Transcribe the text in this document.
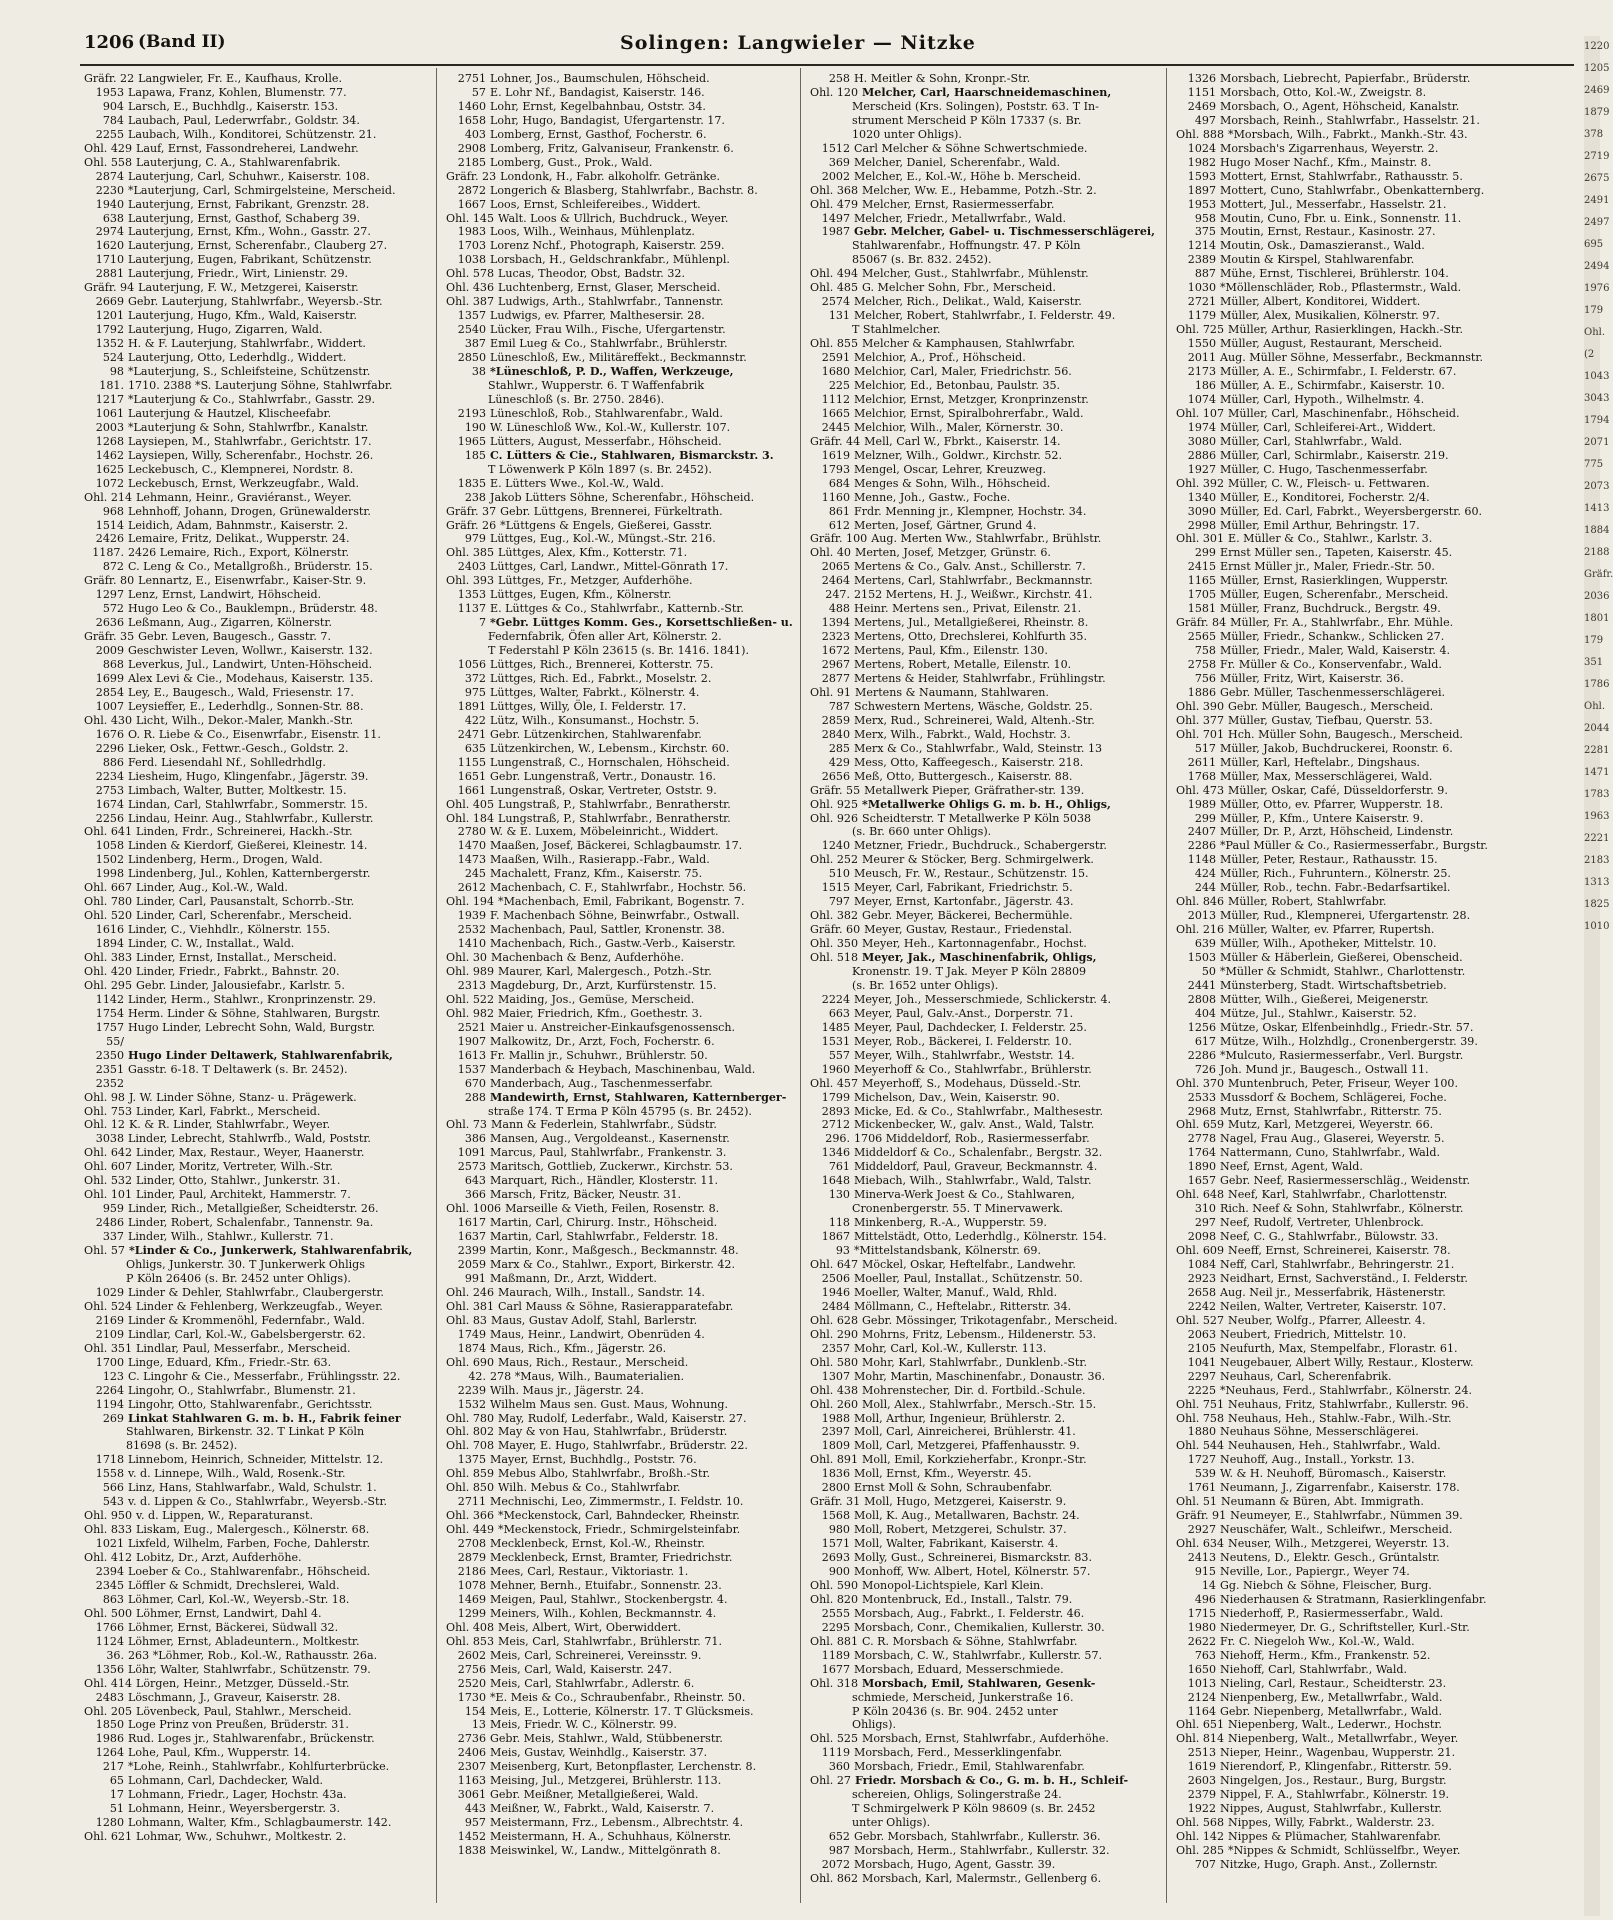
1206 (Band II)	Solingen: Langwieler — Nitzke
Gräfr. 22 Langwieler, Fr. E., Kaufhaus, Krolle.
1953 Lapawa, Franz, Kohlen, Blumenstr. 77.
904 Larsch, E., Buchhdlg., Kaiserstr. 153.
784 Laubach, Paul, Lederwrfabr., Goldstr. 34.
2255 Laubach, Wilh., Konditorei, Schützenstr. 21.
Ohl. 429 Lauf, Ernst, Fassondreherei, Landwehr.
Ohl. 558 Lauterjung, C. A., Stahlwarenfabrik.
2874 Lauterjung, Carl, Schuhwr., Kaiserstr. 108.
2230 *Lauterjung, Carl, Schmirgelsteine, Merscheid.
1940 Lauterjung, Ernst, Fabrikant, Grenzstr. 28.
638 Lauterjung, Ernst, Gasthof, Schaberg 39.
2974 Lauterjung, Ernst, Kfm., Wohn., Gasstr. 27.
1620 Lauterjung, Ernst, Scherenfabr., Clauberg 27.
1710 Lauterjung, Eugen, Fabrikant, Schützenstr.
2881 Lauterjung, Friedr., Wirt, Linienstr. 29.
Gräfr. 94 Lauterjung, F. W., Metzgerei, Kaiserstr.
2669 Gebr. Lauterjung, Stahlwrfabr., Weyersb.-Str.
1201 Lauterjung, Hugo, Kfm., Wald, Kaiserstr.
1792 Lauterjung, Hugo, Zigarren, Wald.
1352 H. & F. Lauterjung, Stahlwrfabr., Widdert.
524 Lauterjung, Otto, Lederhdlg., Widdert.
98 *Lauterjung, S., Schleifsteine, Schützenstr.
181. 1710. 2388 *S. Lauterjung Söhne, Stahlwrfabr.
1217 *Lauterjung & Co., Stahlwrfabr., Gasstr. 29.
1061 Lauterjung & Hautzel, Klischeefabr.
2003 *Lauterjung & Sohn, Stahlwrfbr., Kanalstr.
1268 Laysiepen, M., Stahlwrfabr., Gerichtstr. 17.
1462 Laysiepen, Willy, Scherenfabr., Hochstr. 26.
1625 Leckebusch, C., Klempnerei, Nordstr. 8.
1072 Leckebusch, Ernst, Werkzeugfabr., Wald.
Ohl. 214 Lehmann, Heinr., Graviéranst., Weyer.
968 Lehnhoff, Johann, Drogen, Grünewalderstr.
1514 Leidich, Adam, Bahnmstr., Kaiserstr. 2.
2426 Lemaire, Fritz, Delikat., Wupperstr. 24.
1187. 2426 Lemaire, Rich., Export, Kölnerstr.
872 C. Leng & Co., Metallgroßh., Brüderstr. 15.
Gräfr. 80 Lennartz, E., Eisenwrfabr., Kaiser-Str. 9.
1297 Lenz, Ernst, Landwirt, Höhscheid.
572 Hugo Leo & Co., Bauklempn., Brüderstr. 48.
2636 Leßmann, Aug., Zigarren, Kölnerstr.
Gräfr. 35 Gebr. Leven, Baugesch., Gasstr. 7.
2009 Geschwister Leven, Wollwr., Kaiserstr. 132.
868 Leverkus, Jul., Landwirt, Unten-Höhscheid.
1699 Alex Levi & Cie., Modehaus, Kaiserstr. 135.
2854 Ley, E., Baugesch., Wald, Friesenstr. 17.
1007 Leysieffer, E., Lederhdlg., Sonnen-Str. 88.
Ohl. 430 Licht, Wilh., Dekor.-Maler, Mankh.-Str.
1676 O. R. Liebe & Co., Eisenwrfabr., Eisenstr. 11.
2296 Lieker, Osk., Fettwr.-Gesch., Goldstr. 2.
886 Ferd. Liesendahl Nf., Sohlledrhdlg.
2234 Liesheim, Hugo, Klingenfabr., Jägerstr. 39.
2753 Limbach, Walter, Butter, Moltkestr. 15.
1674 Lindan, Carl, Stahlwrfabr., Sommerstr. 15.
2256 Lindau, Heinr. Aug., Stahlwrfabr., Kullerstr.
Ohl. 641 Linden, Frdr., Schreinerei, Hackh.-Str.
1058 Linden & Kierdorf, Gießerei, Kleinestr. 14.
1502 Lindenberg, Herm., Drogen, Wald.
1998 Lindenberg, Jul., Kohlen, Katternbergerstr.
Ohl. 667 Linder, Aug., Kol.-W., Wald.
Ohl. 780 Linder, Carl, Pausanstalt, Schorrb.-Str.
Ohl. 520 Linder, Carl, Scherenfabr., Merscheid.
1616 Linder, C., Viehhdlr., Kölnerstr. 155.
1894 Linder, C. W., Installat., Wald.
Ohl. 383 Linder, Ernst, Installat., Merscheid.
Ohl. 420 Linder, Friedr., Fabrkt., Bahnstr. 20.
Ohl. 295 Gebr. Linder, Jalousiefabr., Karlstr. 5.
1142 Linder, Herm., Stahlwr., Kronprinzenstr. 29.
1754 Herm. Linder & Söhne, Stahlwaren, Burgstr.
1757 Hugo Linder, Lebrecht Sohn, Wald, Burgstr.
55/
2350 Hugo Linder Deltawerk, Stahlwarenfabrik,
2351 Gasstr. 6-18. T Deltawerk (s. Br. 2452).
2352
Ohl. 98 J. W. Linder Söhne, Stanz- u. Prägewerk.
Ohl. 753 Linder, Karl, Fabrkt., Merscheid.
Ohl. 12 K. & R. Linder, Stahlwrfabr., Weyer.
3038 Linder, Lebrecht, Stahlwrfb., Wald, Poststr.
Ohl. 642 Linder, Max, Restaur., Weyer, Haanerstr.
Ohl. 607 Linder, Moritz, Vertreter, Wilh.-Str.
Ohl. 532 Linder, Otto, Stahlwr., Junkerstr. 31.
Ohl. 101 Linder, Paul, Architekt, Hammerstr. 7.
959 Linder, Rich., Metallgießer, Scheidterstr. 26.
2486 Linder, Robert, Schalenfabr., Tannenstr. 9a.
337 Linder, Wilh., Stahlwr., Kullerstr. 71.
Ohl. 57 *Linder & Co., Junkerwerk, Stahlwarenfabrik,
Ohligs, Junkerstr. 30. T Junkerwerk Ohligs
P Köln 26406 (s. Br. 2452 unter Ohligs).
1029 Linder & Dehler, Stahlwrfabr., Claubergerstr.
Ohl. 524 Linder & Fehlenberg, Werkzeugfab., Weyer.
2169 Linder & Krommenöhl, Federnfabr., Wald.
2109 Lindlar, Carl, Kol.-W., Gabelsbergerstr. 62.
Ohl. 351 Lindlar, Paul, Messerfabr., Merscheid.
1700 Linge, Eduard, Kfm., Friedr.-Str. 63.
123 C. Lingohr & Cie., Messerfabr., Frühlingsstr. 22.
2264 Lingohr, O., Stahlwrfabr., Blumenstr. 21.
1194 Lingohr, Otto, Stahlwarenfabr., Gerichtsstr.
269 Linkat Stahlwaren G. m. b. H., Fabrik feiner
Stahlwaren, Birkenstr. 32. T Linkat P Köln
81698 (s. Br. 2452).
1718 Linnebom, Heinrich, Schneider, Mittelstr. 12.
1558 v. d. Linnepe, Wilh., Wald, Rosenk.-Str.
566 Linz, Hans, Stahlwarfabr., Wald, Schulstr. 1.
543 v. d. Lippen & Co., Stahlwrfabr., Weyersb.-Str.
Ohl. 950 v. d. Lippen, W., Reparaturanst.
Ohl. 833 Liskam, Eug., Malergesch., Kölnerstr. 68.
1021 Lixfeld, Wilhelm, Farben, Foche, Dahlerstr.
Ohl. 412 Lobitz, Dr., Arzt, Aufderhöhe.
2394 Loeber & Co., Stahlwarenfabr., Höhscheid.
2345 Löffler & Schmidt, Drechslerei, Wald.
863 Löhmer, Carl, Kol.-W., Weyersb.-Str. 18.
Ohl. 500 Löhmer, Ernst, Landwirt, Dahl 4.
1766 Löhmer, Ernst, Bäckerei, Südwall 32.
1124 Löhmer, Ernst, Abladeuntern., Moltkestr.
36. 263 *Löhmer, Rob., Kol.-W., Rathausstr. 26a.
1356 Löhr, Walter, Stahlwrfabr., Schützenstr. 79.
Ohl. 414 Lörgen, Heinr., Metzger, Düsseld.-Str.
2483 Löschmann, J., Graveur, Kaiserstr. 28.
Ohl. 205 Lövenbeck, Paul, Stahlwr., Merscheid.
1850 Loge Prinz von Preußen, Brüderstr. 31.
1986 Rud. Loges jr., Stahlwarenfabr., Brückenstr.
1264 Lohe, Paul, Kfm., Wupperstr. 14.
217 *Lohe, Reinh., Stahlwrfabr., Kohlfurterbrücke.
65 Lohmann, Carl, Dachdecker, Wald.
17 Lohmann, Friedr., Lager, Hochstr. 43a.
51 Lohmann, Heinr., Weyersbergerstr. 3.
1280 Lohmann, Walter, Kfm., Schlagbaumerstr. 142.
Ohl. 621 Lohmar, Ww., Schuhwr., Moltkestr. 2.
2751 Lohner, Jos., Baumschulen, Höhscheid.
57 E. Lohr Nf., Bandagist, Kaiserstr. 146.
1460 Lohr, Ernst, Kegelbahnbau, Oststr. 34.
1658 Lohr, Hugo, Bandagist, Ufergartenstr. 17.
403 Lomberg, Ernst, Gasthof, Focherstr. 6.
2908 Lomberg, Fritz, Galvaniseur, Frankenstr. 6.
2185 Lomberg, Gust., Prok., Wald.
Gräfr. 23 Londonk, H., Fabr. alkoholfr. Getränke.
2872 Longerich & Blasberg, Stahlwrfabr., Bachstr. 8.
1667 Loos, Ernst, Schleifereibes., Widdert.
Ohl. 145 Walt. Loos & Ullrich, Buchdruck., Weyer.
1983 Loos, Wilh., Weinhaus, Mühlenplatz.
1703 Lorenz Nchf., Photograph, Kaiserstr. 259.
1038 Lorsbach, H., Geldschrankfabr., Mühlenpl.
Ohl. 578 Lucas, Theodor, Obst, Badstr. 32.
Ohl. 436 Luchtenberg, Ernst, Glaser, Merscheid.
Ohl. 387 Ludwigs, Arth., Stahlwrfabr., Tannenstr.
1357 Ludwigs, ev. Pfarrer, Malthesersir. 28.
2540 Lücker, Frau Wilh., Fische, Ufergartenstr.
387 Emil Lueg & Co., Stahlwrfabr., Brühlerstr.
2850 Lüneschloß, Ew., Militäreffekt., Beckmannstr.
38 *Lüneschloß, P. D., Waffen, Werkzeuge,
Stahlwr., Wupperstr. 6. T Waffenfabrik
Lüneschloß (s. Br. 2750. 2846).
2193 Lüneschloß, Rob., Stahlwarenfabr., Wald.
190 W. Lüneschloß Ww., Kol.-W., Kullerstr. 107.
1965 Lütters, August, Messerfabr., Höhscheid.
185 C. Lütters & Cie., Stahlwaren, Bismarckstr. 3.
T Löwenwerk P Köln 1897 (s. Br. 2452).
1835 E. Lütters Wwe., Kol.-W., Wald.
238 Jakob Lütters Söhne, Scherenfabr., Höhscheid.
Gräfr. 37 Gebr. Lüttgens, Brennerei, Fürkeltrath.
Gräfr. 26 *Lüttgens & Engels, Gießerei, Gasstr.
979 Lüttges, Eug., Kol.-W., Müngst.-Str. 216.
Ohl. 385 Lüttges, Alex, Kfm., Kotterstr. 71.
2403 Lüttges, Carl, Landwr., Mittel-Gönrath 17.
Ohl. 393 Lüttges, Fr., Metzger, Aufderhöhe.
1353 Lüttges, Eugen, Kfm., Kölnerstr.
1137 E. Lüttges & Co., Stahlwrfabr., Katternb.-Str.
7 *Gebr. Lüttges Komm. Ges., Korsettschließen- u.
Federnfabrik, Öfen aller Art, Kölnerstr. 2.
T Federstahl P Köln 23615 (s. Br. 1416. 1841).
1056 Lüttges, Rich., Brennerei, Kotterstr. 75.
372 Lüttges, Rich. Ed., Fabrkt., Moselstr. 2.
975 Lüttges, Walter, Fabrkt., Kölnerstr. 4.
1891 Lüttges, Willy, Öle, I. Felderstr. 17.
422 Lütz, Wilh., Konsumanst., Hochstr. 5.
2471 Gebr. Lützenkirchen, Stahlwarenfabr.
635 Lützenkirchen, W., Lebensm., Kirchstr. 60.
1155 Lungenstraß, C., Hornschalen, Höhscheid.
1651 Gebr. Lungenstraß, Vertr., Donaustr. 16.
1661 Lungenstraß, Oskar, Vertreter, Oststr. 9.
Ohl. 405 Lungstraß, P., Stahlwrfabr., Benratherstr.
Ohl. 184 Lungstraß, P., Stahlwrfabr., Benratherstr.
2780 W. & E. Luxem, Möbeleinricht., Widdert.
1470 Maaßen, Josef, Bäckerei, Schlagbaumstr. 17.
1473 Maaßen, Wilh., Rasierapp.-Fabr., Wald.
245 Machalett, Franz, Kfm., Kaiserstr. 75.
2612 Machenbach, C. F., Stahlwrfabr., Hochstr. 56.
Ohl. 194 *Machenbach, Emil, Fabrikant, Bogenstr. 7.
1939 F. Machenbach Söhne, Beinwrfabr., Ostwall.
2532 Machenbach, Paul, Sattler, Kronenstr. 38.
1410 Machenbach, Rich., Gastw.-Verb., Kaiserstr.
Ohl. 30 Machenbach & Benz, Aufderhöhe.
Ohl. 989 Maurer, Karl, Malergesch., Potzh.-Str.
2313 Magdeburg, Dr., Arzt, Kurfürstenstr. 15.
Ohl. 522 Maiding, Jos., Gemüse, Merscheid.
Ohl. 982 Maier, Friedrich, Kfm., Goethestr. 3.
2521 Maier u. Anstreicher-Einkaufsgenossensch.
1907 Malkowitz, Dr., Arzt, Foch, Focherstr. 6.
1613 Fr. Mallin jr., Schuhwr., Brühlerstr. 50.
1537 Manderbach & Heybach, Maschinenbau, Wald.
670 Manderbach, Aug., Taschenmesserfabr.
288 Mandewirth, Ernst, Stahlwaren, Katternberger-
straße 174. T Erma P Köln 45795 (s. Br. 2452).
Ohl. 73 Mann & Federlein, Stahlwrfabr., Südstr.
386 Mansen, Aug., Vergoldeanst., Kasernenstr.
1091 Marcus, Paul, Stahlwrfabr., Frankenstr. 3.
2573 Maritsch, Gottlieb, Zuckerwr., Kirchstr. 53.
643 Marquart, Rich., Händler, Klosterstr. 11.
366 Marsch, Fritz, Bäcker, Neustr. 31.
Ohl. 1006 Marseille & Vieth, Feilen, Rosenstr. 8.
1617 Martin, Carl, Chirurg. Instr., Höhscheid.
1637 Martin, Carl, Stahlwrfabr., Felderstr. 18.
2399 Martin, Konr., Maßgesch., Beckmannstr. 48.
2059 Marx & Co., Stahlwr., Export, Birkerstr. 42.
991 Maßmann, Dr., Arzt, Widdert.
Ohl. 246 Maurach, Wilh., Install., Sandstr. 14.
Ohl. 381 Carl Mauss & Söhne, Rasierapparatefabr.
Ohl. 83 Maus, Gustav Adolf, Stahl, Barlerstr.
1749 Maus, Heinr., Landwirt, Obenrüden 4.
1874 Maus, Rich., Kfm., Jägerstr. 26.
Ohl. 690 Maus, Rich., Restaur., Merscheid.
42. 278 *Maus, Wilh., Baumaterialien.
2239 Wilh. Maus jr., Jägerstr. 24.
1532 Wilhelm Maus sen. Gust. Maus, Wohnung.
Ohl. 780 May, Rudolf, Lederfabr., Wald, Kaiserstr. 27.
Ohl. 802 May & von Hau, Stahlwrfabr., Brüderstr.
Ohl. 708 Mayer, E. Hugo, Stahlwrfabr., Brüderstr. 22.
1375 Mayer, Ernst, Buchhdlg., Poststr. 76.
Ohl. 859 Mebus Albo, Stahlwrfabr., Broßh.-Str.
Ohl. 850 Wilh. Mebus & Co., Stahlwrfabr.
2711 Mechnischi, Leo, Zimmermstr., I. Feldstr. 10.
Ohl. 366 *Meckenstock, Carl, Bahndecker, Rheinstr.
Ohl. 449 *Meckenstock, Friedr., Schmirgelsteinfabr.
2708 Mecklenbeck, Ernst, Kol.-W., Rheinstr.
2879 Mecklenbeck, Ernst, Bramter, Friedrichstr.
2186 Mees, Carl, Restaur., Viktoriastr. 1.
1078 Mehner, Bernh., Etuifabr., Sonnenstr. 23.
1469 Meigen, Paul, Stahlwr., Stockenbergstr. 4.
1299 Meiners, Wilh., Kohlen, Beckmannstr. 4.
Ohl. 408 Meis, Albert, Wirt, Oberwiddert.
Ohl. 853 Meis, Carl, Stahlwrfabr., Brühlerstr. 71.
2602 Meis, Carl, Schreinerei, Vereinsstr. 9.
2756 Meis, Carl, Wald, Kaiserstr. 247.
2520 Meis, Carl, Stahlwrfabr., Adlerstr. 6.
1730 *E. Meis & Co., Schraubenfabr., Rheinstr. 50.
154 Meis, E., Lotterie, Kölnerstr. 17. T Glücksmeis.
13 Meis, Friedr. W. C., Kölnerstr. 99.
2736 Gebr. Meis, Stahlwr., Wald, Stübbenerstr.
2406 Meis, Gustav, Weinhdlg., Kaiserstr. 37.
2307 Meisenberg, Kurt, Betonpflaster, Lerchenstr. 8.
1163 Meising, Jul., Metzgerei, Brühlerstr. 113.
3061 Gebr. Meißner, Metallgießerei, Wald.
443 Meißner, W., Fabrkt., Wald, Kaiserstr. 7.
957 Meistermann, Frz., Lebensm., Albrechtstr. 4.
1452 Meistermann, H. A., Schuhhaus, Kölnerstr.
1838 Meiswinkel, W., Landw., Mittelgönrath 8.
258 H. Meitler & Sohn, Kronpr.-Str.
Ohl. 120 Melcher, Carl, Haarschneidemaschinen,
Merscheid (Krs. Solingen), Poststr. 63. T In-
strument Merscheid P Köln 17337 (s. Br.
1020 unter Ohligs).
1512 Carl Melcher & Söhne Schwertschmiede.
369 Melcher, Daniel, Scherenfabr., Wald.
2002 Melcher, E., Kol.-W., Höhe b. Merscheid.
Ohl. 368 Melcher, Ww. E., Hebamme, Potzh.-Str. 2.
Ohl. 479 Melcher, Ernst, Rasiermesserfabr.
1497 Melcher, Friedr., Metallwrfabr., Wald.
1987 Gebr. Melcher, Gabel- u. Tischmesserschlägerei,
Stahlwarenfabr., Hoffnungstr. 47. P Köln
85067 (s. Br. 832. 2452).
Ohl. 494 Melcher, Gust., Stahlwrfabr., Mühlenstr.
Ohl. 485 G. Melcher Sohn, Fbr., Merscheid.
2574 Melcher, Rich., Delikat., Wald, Kaiserstr.
131 Melcher, Robert, Stahlwrfabr., I. Felderstr. 49.
T Stahlmelcher.
Ohl. 855 Melcher & Kamphausen, Stahlwrfabr.
2591 Melchior, A., Prof., Höhscheid.
1680 Melchior, Carl, Maler, Friedrichstr. 56.
225 Melchior, Ed., Betonbau, Paulstr. 35.
1112 Melchior, Ernst, Metzger, Kronprinzenstr.
1665 Melchior, Ernst, Spiralbohrerfabr., Wald.
2445 Melchior, Wilh., Maler, Körnerstr. 30.
Gräfr. 44 Mell, Carl W., Fbrkt., Kaiserstr. 14.
1619 Melzner, Wilh., Goldwr., Kirchstr. 52.
1793 Mengel, Oscar, Lehrer, Kreuzweg.
684 Menges & Sohn, Wilh., Höhscheid.
1160 Menne, Joh., Gastw., Foche.
861 Frdr. Menning jr., Klempner, Hochstr. 34.
612 Merten, Josef, Gärtner, Grund 4.
Gräfr. 100 Aug. Merten Ww., Stahlwrfabr., Brühlstr.
Ohl. 40 Merten, Josef, Metzger, Grünstr. 6.
2065 Mertens & Co., Galv. Anst., Schillerstr. 7.
2464 Mertens, Carl, Stahlwrfabr., Beckmannstr.
247. 2152 Mertens, H. J., Weißwr., Kirchstr. 41.
488 Heinr. Mertens sen., Privat, Eilenstr. 21.
1394 Mertens, Jul., Metallgießerei, Rheinstr. 8.
2323 Mertens, Otto, Drechslerei, Kohlfurth 35.
1672 Mertens, Paul, Kfm., Eilenstr. 130.
2967 Mertens, Robert, Metalle, Eilenstr. 10.
2877 Mertens & Heider, Stahlwrfabr., Frühlingstr.
Ohl. 91 Mertens & Naumann, Stahlwaren.
787 Schwestern Mertens, Wäsche, Goldstr. 25.
2859 Merx, Rud., Schreinerei, Wald, Altenh.-Str.
2840 Merx, Wilh., Fabrkt., Wald, Hochstr. 3.
285 Merx & Co., Stahlwrfabr., Wald, Steinstr. 13
429 Mess, Otto, Kaffeegesch., Kaiserstr. 218.
2656 Meß, Otto, Buttergesch., Kaiserstr. 88.
Gräfr. 55 Metallwerk Pieper, Gräfrather-str. 139.
Ohl. 925 *Metallwerke Ohligs G. m. b. H., Ohligs,
Ohl. 926 Scheidterstr. T Metallwerke P Köln 5038
(s. Br. 660 unter Ohligs).
1240 Metzner, Friedr., Buchdruck., Schabergerstr.
Ohl. 252 Meurer & Stöcker, Berg. Schmirgelwerk.
510 Meusch, Fr. W., Restaur., Schützenstr. 15.
1515 Meyer, Carl, Fabrikant, Friedrichstr. 5.
797 Meyer, Ernst, Kartonfabr., Jägerstr. 43.
Ohl. 382 Gebr. Meyer, Bäckerei, Bechermühle.
Gräfr. 60 Meyer, Gustav, Restaur., Friedenstal.
Ohl. 350 Meyer, Heh., Kartonnagenfabr., Hochst.
Ohl. 518 Meyer, Jak., Maschinenfabrik, Ohligs,
Kronenstr. 19. T Jak. Meyer P Köln 28809
(s. Br. 1652 unter Ohligs).
2224 Meyer, Joh., Messerschmiede, Schlickerstr. 4.
663 Meyer, Paul, Galv.-Anst., Dorperstr. 71.
1485 Meyer, Paul, Dachdecker, I. Felderstr. 25.
1531 Meyer, Rob., Bäckerei, I. Felderstr. 10.
557 Meyer, Wilh., Stahlwrfabr., Weststr. 14.
1960 Meyerhoff & Co., Stahlwrfabr., Brühlerstr.
Ohl. 457 Meyerhoff, S., Modehaus, Düsseld.-Str.
1799 Michelson, Dav., Wein, Kaiserstr. 90.
2893 Micke, Ed. & Co., Stahlwrfabr., Malthesestr.
2712 Mickenbecker, W., galv. Anst., Wald, Talstr.
296. 1706 Middeldorf, Rob., Rasiermesserfabr.
1346 Middeldorf & Co., Schalenfabr., Bergstr. 32.
761 Middeldorf, Paul, Graveur, Beckmannstr. 4.
1648 Miebach, Wilh., Stahlwrfabr., Wald, Talstr.
130 Minerva-Werk Joest & Co., Stahlwaren,
Cronenbergerstr. 55. T Minervawerk.
118 Minkenberg, R.-A., Wupperstr. 59.
1867 Mittelstädt, Otto, Lederhdlg., Kölnerstr. 154.
93 *Mittelstandsbank, Kölnerstr. 69.
Ohl. 647 Möckel, Oskar, Heftelfabr., Landwehr.
2506 Moeller, Paul, Installat., Schützenstr. 50.
1946 Moeller, Walter, Manuf., Wald, Rhld.
2484 Möllmann, C., Heftelabr., Ritterstr. 34.
Ohl. 628 Gebr. Mössinger, Trikotagenfabr., Merscheid.
Ohl. 290 Mohrns, Fritz, Lebensm., Hildenerstr. 53.
2357 Mohr, Carl, Kol.-W., Kullerstr. 113.
Ohl. 580 Mohr, Karl, Stahlwrfabr., Dunklenb.-Str.
1307 Mohr, Martin, Maschinenfabr., Donaustr. 36.
Ohl. 438 Mohrenstecher, Dir. d. Fortbild.-Schule.
Ohl. 260 Moll, Alex., Stahlwrfabr., Mersch.-Str. 15.
1988 Moll, Arthur, Ingenieur, Brühlerstr. 2.
2397 Moll, Carl, Ainreicherei, Brühlerstr. 41.
1809 Moll, Carl, Metzgerei, Pfaffenhausstr. 9.
Ohl. 891 Moll, Emil, Korkzieherfabr., Kronpr.-Str.
1836 Moll, Ernst, Kfm., Weyerstr. 45.
2800 Ernst Moll & Sohn, Schraubenfabr.
Gräfr. 31 Moll, Hugo, Metzgerei, Kaiserstr. 9.
1568 Moll, K. Aug., Metallwaren, Bachstr. 24.
980 Moll, Robert, Metzgerei, Schulstr. 37.
1571 Moll, Walter, Fabrikant, Kaiserstr. 4.
2693 Molly, Gust., Schreinerei, Bismarckstr. 83.
900 Monhoff, Ww. Albert, Hotel, Kölnerstr. 57.
Ohl. 590 Monopol-Lichtspiele, Karl Klein.
Ohl. 820 Montenbruck, Ed., Install., Talstr. 79.
2555 Morsbach, Aug., Fabrkt., I. Felderstr. 46.
2295 Morsbach, Conr., Chemikalien, Kullerstr. 30.
Ohl. 881 C. R. Morsbach & Söhne, Stahlwrfabr.
1189 Morsbach, C. W., Stahlwrfabr., Kullerstr. 57.
1677 Morsbach, Eduard, Messerschmiede.
Ohl. 318 Morsbach, Emil, Stahlwaren, Gesenk-
schmiede, Merscheid, Junkerstraße 16.
P Köln 20436 (s. Br. 904. 2452 unter
Ohligs).
Ohl. 525 Morsbach, Ernst, Stahlwrfabr., Aufderhöhe.
1119 Morsbach, Ferd., Messerklingenfabr.
360 Morsbach, Friedr., Emil, Stahlwarenfabr.
Ohl. 27 Friedr. Morsbach & Co., G. m. b. H., Schleif-
schereien, Ohligs, Solingerstraße 24.
T Schmirgelwerk P Köln 98609 (s. Br. 2452
unter Ohligs).
652 Gebr. Morsbach, Stahlwrfabr., Kullerstr. 36.
987 Morsbach, Herm., Stahlwrfabr., Kullerstr. 32.
2072 Morsbach, Hugo, Agent, Gasstr. 39.
Ohl. 862 Morsbach, Karl, Malermstr., Gellenberg 6.
1326 Morsbach, Liebrecht, Papierfabr., Brüderstr.
1151 Morsbach, Otto, Kol.-W., Zweigstr. 8.
2469 Morsbach, O., Agent, Höhscheid, Kanalstr.
497 Morsbach, Reinh., Stahlwrfabr., Hasselstr. 21.
Ohl. 888 *Morsbach, Wilh., Fabrkt., Mankh.-Str. 43.
1024 Morsbach's Zigarrenhaus, Weyerstr. 2.
1982 Hugo Moser Nachf., Kfm., Mainstr. 8.
1593 Mottert, Ernst, Stahlwrfabr., Rathausstr. 5.
1897 Mottert, Cuno, Stahlwrfabr., Obenkatternberg.
1953 Mottert, Jul., Messerfabr., Hasselstr. 21.
958 Moutin, Cuno, Fbr. u. Eink., Sonnenstr. 11.
375 Moutin, Ernst, Restaur., Kasinostr. 27.
1214 Moutin, Osk., Damaszieranst., Wald.
2389 Moutin & Kirspel, Stahlwarenfabr.
887 Mühe, Ernst, Tischlerei, Brühlerstr. 104.
1030 *Möllenschläder, Rob., Pflastermstr., Wald.
2721 Müller, Albert, Konditorei, Widdert.
1179 Müller, Alex, Musikalien, Kölnerstr. 97.
Ohl. 725 Müller, Arthur, Rasierklingen, Hackh.-Str.
1550 Müller, August, Restaurant, Merscheid.
2011 Aug. Müller Söhne, Messerfabr., Beckmannstr.
2173 Müller, A. E., Schirmfabr., I. Felderstr. 67.
186 Müller, A. E., Schirmfabr., Kaiserstr. 10.
1074 Müller, Carl, Hypoth., Wilhelmstr. 4.
Ohl. 107 Müller, Carl, Maschinenfabr., Höhscheid.
1974 Müller, Carl, Schleiferei-Art., Widdert.
3080 Müller, Carl, Stahlwrfabr., Wald.
2886 Müller, Carl, Schirmlabr., Kaiserstr. 219.
1927 Müller, C. Hugo, Taschenmesserfabr.
Ohl. 392 Müller, C. W., Fleisch- u. Fettwaren.
1340 Müller, E., Konditorei, Focherstr. 2/4.
3090 Müller, Ed. Carl, Fabrkt., Weyersbergerstr. 60.
2998 Müller, Emil Arthur, Behringstr. 17.
Ohl. 301 E. Müller & Co., Stahlwr., Karlstr. 3.
299 Ernst Müller sen., Tapeten, Kaiserstr. 45.
2415 Ernst Müller jr., Maler, Friedr.-Str. 50.
1165 Müller, Ernst, Rasierklingen, Wupperstr.
1705 Müller, Eugen, Scherenfabr., Merscheid.
1581 Müller, Franz, Buchdruck., Bergstr. 49.
Gräfr. 84 Müller, Fr. A., Stahlwrfabr., Ehr. Mühle.
2565 Müller, Friedr., Schankw., Schlicken 27.
758 Müller, Friedr., Maler, Wald, Kaiserstr. 4.
2758 Fr. Müller & Co., Konservenfabr., Wald.
756 Müller, Fritz, Wirt, Kaiserstr. 36.
1886 Gebr. Müller, Taschenmesserschlägerei.
Ohl. 390 Gebr. Müller, Baugesch., Merscheid.
Ohl. 377 Müller, Gustav, Tiefbau, Querstr. 53.
Ohl. 701 Hch. Müller Sohn, Baugesch., Merscheid.
517 Müller, Jakob, Buchdruckerei, Roonstr. 6.
2611 Müller, Karl, Heftelabr., Dingshaus.
1768 Müller, Max, Messerschlägerei, Wald.
Ohl. 473 Müller, Oskar, Café, Düsseldorferstr. 9.
1989 Müller, Otto, ev. Pfarrer, Wupperstr. 18.
299 Müller, P., Kfm., Untere Kaiserstr. 9.
2407 Müller, Dr. P., Arzt, Höhscheid, Lindenstr.
2286 *Paul Müller & Co., Rasiermesserfabr., Burgstr.
1148 Müller, Peter, Restaur., Rathausstr. 15.
424 Müller, Rich., Fuhruntern., Kölnerstr. 25.
244 Müller, Rob., techn. Fabr.-Bedarfsartikel.
Ohl. 846 Müller, Robert, Stahlwrfabr.
2013 Müller, Rud., Klempnerei, Ufergartenstr. 28.
Ohl. 216 Müller, Walter, ev. Pfarrer, Rupertsh.
639 Müller, Wilh., Apotheker, Mittelstr. 10.
1503 Müller & Häberlein, Gießerei, Obenscheid.
50 *Müller & Schmidt, Stahlwr., Charlottenstr.
2441 Münsterberg, Stadt. Wirtschaftsbetrieb.
2808 Mütter, Wilh., Gießerei, Meigenerstr.
404 Mütze, Jul., Stahlwr., Kaiserstr. 52.
1256 Mütze, Oskar, Elfenbeinhdlg., Friedr.-Str. 57.
617 Mütze, Wilh., Holzhdlg., Cronenbergerstr. 39.
2286 *Mulcuto, Rasiermesserfabr., Verl. Burgstr.
726 Joh. Mund jr., Baugesch., Ostwall 11.
Ohl. 370 Muntenbruch, Peter, Friseur, Weyer 100.
2533 Mussdorf & Bochem, Schlägerei, Foche.
2968 Mutz, Ernst, Stahlwrfabr., Ritterstr. 75.
Ohl. 659 Mutz, Karl, Metzgerei, Weyerstr. 66.
2778 Nagel, Frau Aug., Glaserei, Weyerstr. 5.
1764 Nattermann, Cuno, Stahlwrfabr., Wald.
1890 Neef, Ernst, Agent, Wald.
1657 Gebr. Neef, Rasiermesserschläg., Weidenstr.
Ohl. 648 Neef, Karl, Stahlwrfabr., Charlottenstr.
310 Rich. Neef & Sohn, Stahlwrfabr., Kölnerstr.
297 Neef, Rudolf, Vertreter, Uhlenbrock.
2098 Neef, C. G., Stahlwrfabr., Bülowstr. 33.
Ohl. 609 Neeff, Ernst, Schreinerei, Kaiserstr. 78.
1084 Neff, Carl, Stahlwrfabr., Behringerstr. 21.
2923 Neidhart, Ernst, Sachverständ., I. Felderstr.
2658 Aug. Neil jr., Messerfabrik, Hästenerstr.
2242 Neilen, Walter, Vertreter, Kaiserstr. 107.
Ohl. 527 Neuber, Wolfg., Pfarrer, Alleestr. 4.
2063 Neubert, Friedrich, Mittelstr. 10.
2105 Neufurth, Max, Stempelfabr., Florastr. 61.
1041 Neugebauer, Albert Willy, Restaur., Klosterw.
2297 Neuhaus, Carl, Scherenfabrik.
2225 *Neuhaus, Ferd., Stahlwrfabr., Kölnerstr. 24.
Ohl. 751 Neuhaus, Fritz, Stahlwrfabr., Kullerstr. 96.
Ohl. 758 Neuhaus, Heh., Stahlw.-Fabr., Wilh.-Str.
1880 Neuhaus Söhne, Messerschlägerei.
Ohl. 544 Neuhausen, Heh., Stahlwrfabr., Wald.
1727 Neuhoff, Aug., Install., Yorkstr. 13.
539 W. & H. Neuhoff, Büromasch., Kaiserstr.
1761 Neumann, J., Zigarrenfabr., Kaiserstr. 178.
Ohl. 51 Neumann & Büren, Abt. Immigrath.
Gräfr. 91 Neumeyer, E., Stahlwrfabr., Nümmen 39.
2927 Neuschäfer, Walt., Schleifwr., Merscheid.
Ohl. 634 Neuser, Wilh., Metzgerei, Weyerstr. 13.
2413 Neutens, D., Elektr. Gesch., Grüntalstr.
915 Neville, Lor., Papiergr., Weyer 74.
14 Gg. Niebch & Söhne, Fleischer, Burg.
496 Niederhausen & Stratmann, Rasierklingenfabr.
1715 Niederhoff, P., Rasiermesserfabr., Wald.
1980 Niedermeyer, Dr. G., Schriftsteller, Kurl.-Str.
2622 Fr. C. Niegeloh Ww., Kol.-W., Wald.
763 Niehoff, Herm., Kfm., Frankenstr. 52.
1650 Niehoff, Carl, Stahlwrfabr., Wald.
1013 Nieling, Carl, Restaur., Scheidterstr. 23.
2124 Nienpenberg, Ew., Metallwrfabr., Wald.
1164 Gebr. Niepenberg, Metallwrfabr., Wald.
Ohl. 651 Niepenberg, Walt., Lederwr., Hochstr.
Ohl. 814 Niepenberg, Walt., Metallwrfabr., Weyer.
2513 Nieper, Heinr., Wagenbau, Wupperstr. 21.
1619 Nierendorf, P., Klingenfabr., Ritterstr. 59.
2603 Ningelgen, Jos., Restaur., Burg, Burgstr.
2379 Nippel, F. A., Stahlwrfabr., Kölnerstr. 19.
1922 Nippes, August, Stahlwrfabr., Kullerstr.
Ohl. 568 Nippes, Willy, Fabrkt., Walderstr. 23.
Ohl. 142 Nippes & Plümacher, Stahlwarenfabr.
Ohl. 285 *Nippes & Schmidt, Schlüsselfbr., Weyer.
707 Nitzke, Hugo, Graph. Anst., Zollernstr.
1220
1205
2469
1879
378
2719
2675
2491
2497
695
2494
1976
179
Ohl. (2
1043
3043
1794
2071
775
2073
1413
1884
2188
Gräfr.
2036
1801
179
351
1786
Ohl.
2044
2281
1471
1783
1963
2221
2183
1313
1825
1010
